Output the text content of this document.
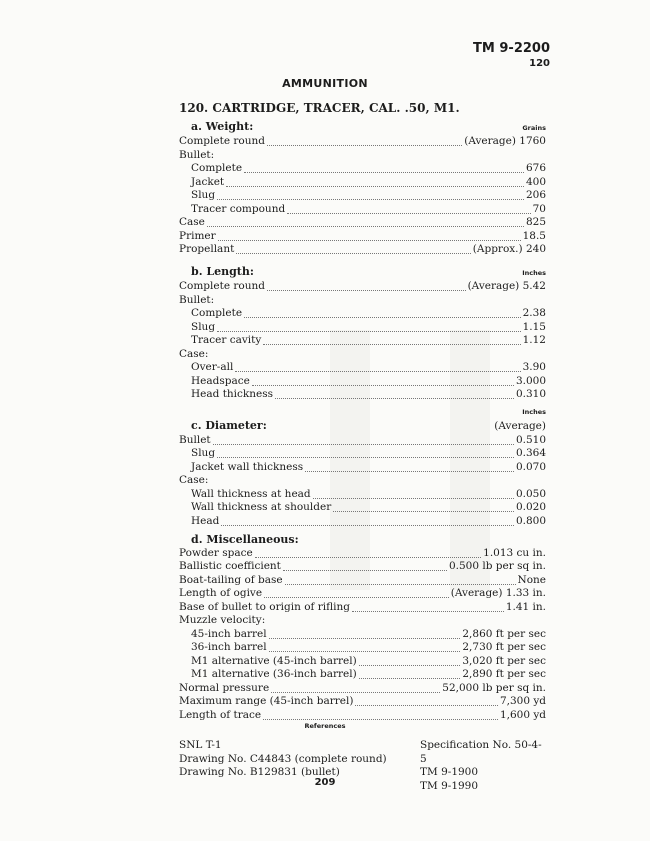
TM 9-2200
120
AMMUNITION
120. CARTRIDGE, TRACER, CAL. .50, M1.
a. Weight:	Grains
Complete round	(Average) 1760
Bullet:
Complete	676
Jacket	400
Slug	206
Tracer compound	70
Case	825
Primer	18.5
Propellant	(Approx.) 240
b. Length:	Inches
Complete round	(Average) 5.42
Bullet:
Complete	2.38
Slug	1.15
Tracer cavity	1.12
Case:
Over-all	3.90
Headspace	3.000
Head thickness	0.310
Inches
c. Diameter:	(Average)
Bullet	0.510
Slug	0.364
Jacket wall thickness	0.070
Case:
Wall thickness at head	0.050
Wall thickness at shoulder	0.020
Head	0.800
d. Miscellaneous:
Powder space	1.013 cu in.
Ballistic coefficient	0.500 lb per sq in.
Boat-tailing of base	None
Length of ogive	(Average) 1.33 in.
Base of bullet to origin of rifling	1.41 in.
Muzzle velocity:
45-inch barrel	2,860 ft per sec
36-inch barrel	2,730 ft per sec
M1 alternative (45-inch barrel)	3,020 ft per sec
M1 alternative (36-inch barrel)	2,890 ft per sec
Normal pressure	52,000 lb per sq in.
Maximum range (45-inch barrel)	7,300 yd
Length of trace	1,600 yd
References
SNL T-1
Drawing No. C44843 (complete round)
Drawing No. B129831 (bullet)
Specification No. 50-4-5
TM 9-1900
TM 9-1990
209
